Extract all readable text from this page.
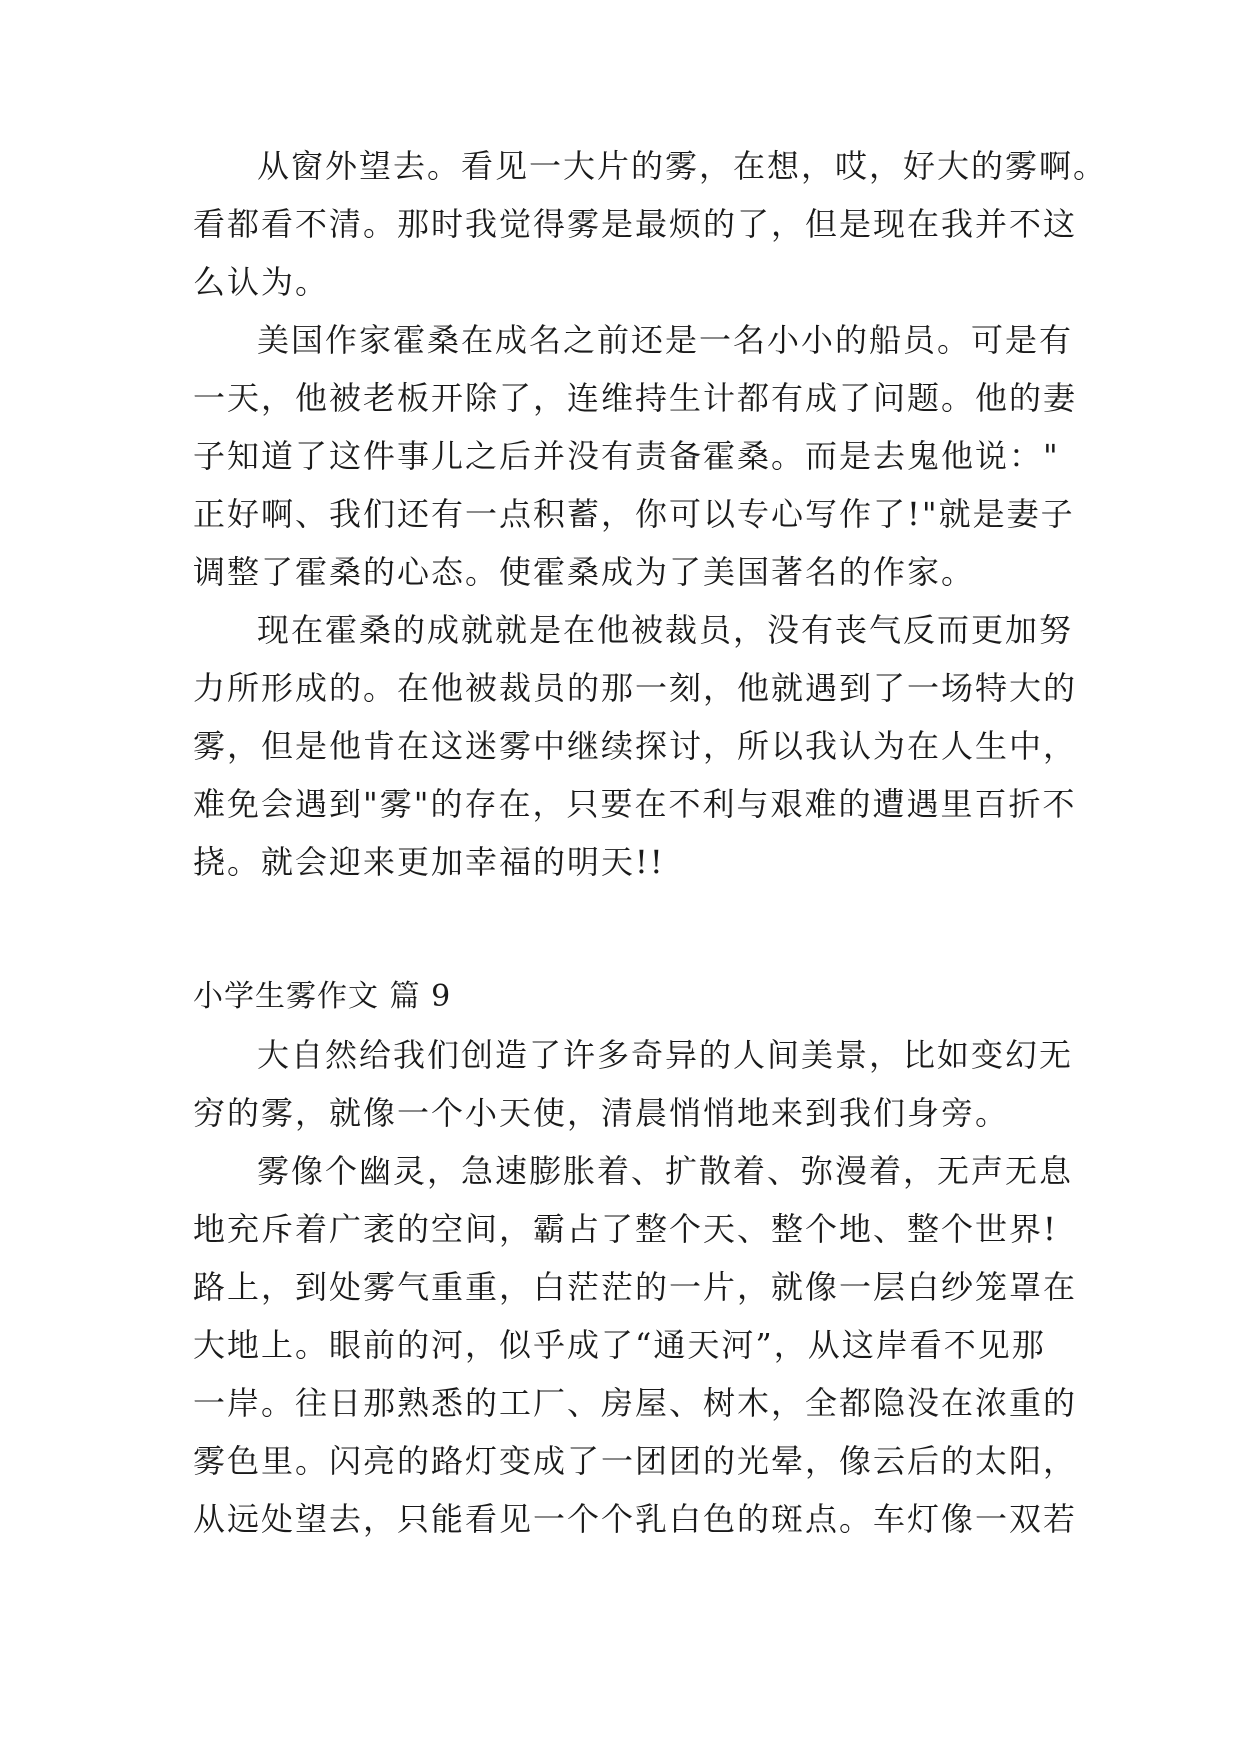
从窗外望去。看见一大片的雾，在想，哎，好大的雾啊。
看都看不清。那时我觉得雾是最烦的了，但是现在我并不这
么认为。
美国作家霍桑在成名之前还是一名小小的船员。可是有
一天，他被老板开除了，连维持生计都有成了问题。他的妻
子知道了这件事儿之后并没有责备霍桑。而是去鬼他说："
正好啊、我们还有一点积蓄，你可以专心写作了!"就是妻子
调整了霍桑的心态。使霍桑成为了美国著名的作家。
现在霍桑的成就就是在他被裁员，没有丧气反而更加努
力所形成的。在他被裁员的那一刻，他就遇到了一场特大的
雾，但是他肯在这迷雾中继续探讨，所以我认为在人生中，
难免会遇到"雾"的存在，只要在不利与艰难的遭遇里百折不
挠。就会迎来更加幸福的明天!!
小学生雾作文 篇 9
大自然给我们创造了许多奇异的人间美景，比如变幻无
穷的雾，就像一个小天使，清晨悄悄地来到我们身旁。
雾像个幽灵，急速膨胀着、扩散着、弥漫着，无声无息
地充斥着广袤的空间，霸占了整个天、整个地、整个世界!
路上，到处雾气重重，白茫茫的一片，就像一层白纱笼罩在
大地上。眼前的河，似乎成了“通天河”，从这岸看不见那
一岸。往日那熟悉的工厂、房屋、树木，全都隐没在浓重的
雾色里。闪亮的路灯变成了一团团的光晕，像云后的太阳，
从远处望去，只能看见一个个乳白色的斑点。车灯像一双若
